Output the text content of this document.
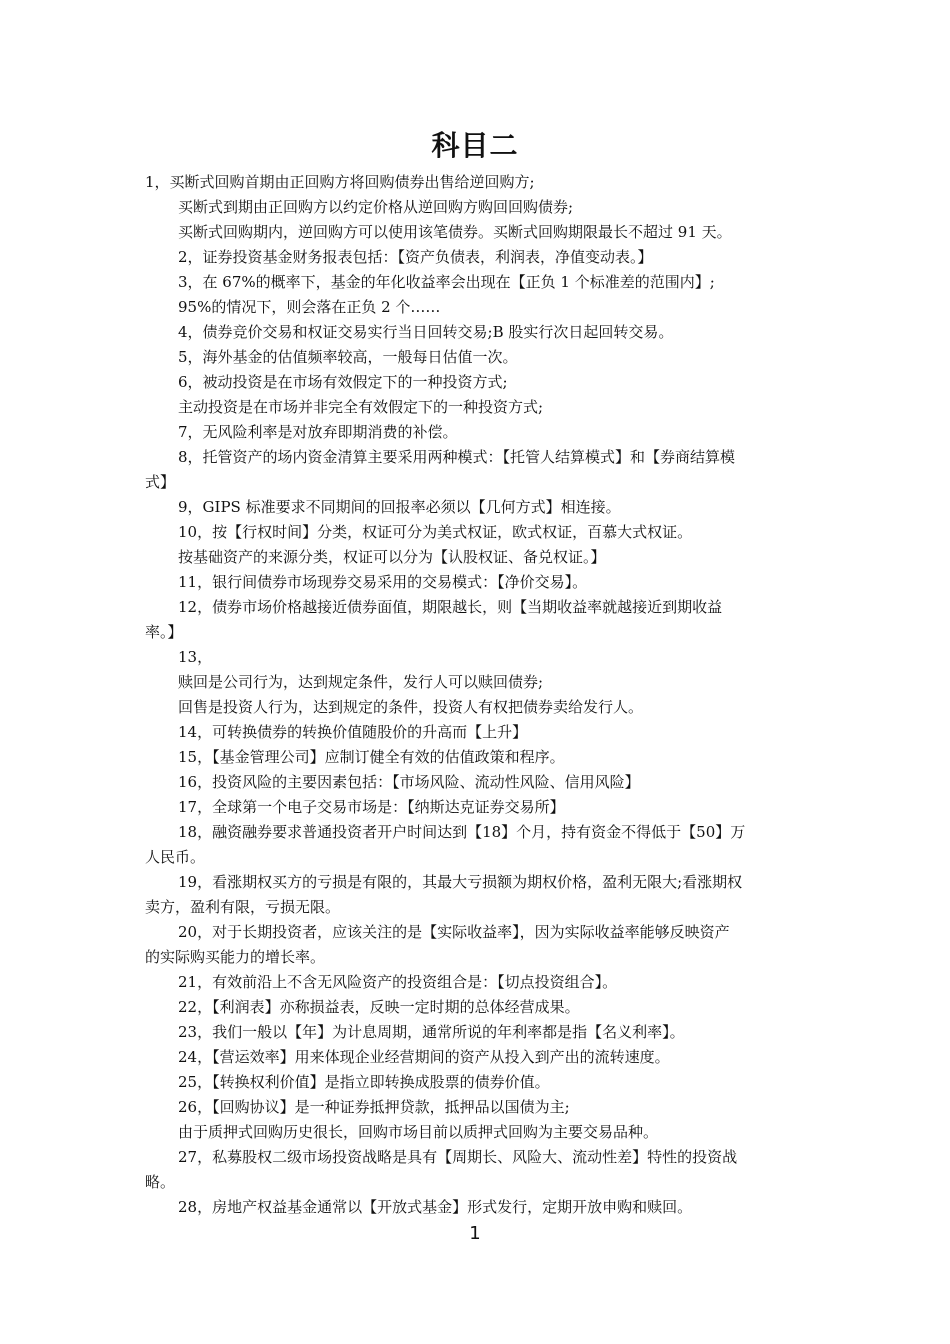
科目二
1，买断式回购首期由正回购方将回购债券出售给逆回购方;
买断式到期由正回购方以约定价格从逆回购方购回回购债券;
买断式回购期内，逆回购方可以使用该笔债券。买断式回购期限最长不超过 91 天。
2，证券投资基金财务报表包括：【资产负债表，利润表，净值变动表。】
3，在 67%的概率下，基金的年化收益率会出现在【正负 1 个标准差的范围内】;
95%的情况下，则会落在正负 2 个……
4，债券竞价交易和权证交易实行当日回转交易;B 股实行次日起回转交易。
5，海外基金的估值频率较高，一般每日估值一次。
6，被动投资是在市场有效假定下的一种投资方式;
主动投资是在市场并非完全有效假定下的一种投资方式;
7，无风险利率是对放弃即期消费的补偿。
8，托管资产的场内资金清算主要采用两种模式：【托管人结算模式】和【券商结算模
式】
9，GIPS 标准要求不同期间的回报率必须以【几何方式】相连接。
10，按【行权时间】分类，权证可分为美式权证，欧式权证，百慕大式权证。
按基础资产的来源分类，权证可以分为【认股权证、备兑权证。】
11，银行间债券市场现券交易采用的交易模式：【净价交易】。
12，债券市场价格越接近债券面值，期限越长，则【当期收益率就越接近到期收益
率。】
13，
赎回是公司行为，达到规定条件，发行人可以赎回债券;
回售是投资人行为，达到规定的条件，投资人有权把债券卖给发行人。
14，可转换债券的转换价值随股价的升高而【上升】
15，【基金管理公司】应制订健全有效的估值政策和程序。
16，投资风险的主要因素包括：【市场风险、流动性风险、信用风险】
17，全球第一个电子交易市场是：【纳斯达克证券交易所】
18，融资融券要求普通投资者开户时间达到【18】个月，持有资金不得低于【50】万
人民币。
19，看涨期权买方的亏损是有限的，其最大亏损额为期权价格，盈利无限大;看涨期权
卖方，盈利有限，亏损无限。
20，对于长期投资者，应该关注的是【实际收益率】，因为实际收益率能够反映资产
的实际购买能力的增长率。
21，有效前沿上不含无风险资产的投资组合是：【切点投资组合】。
22，【利润表】亦称损益表，反映一定时期的总体经营成果。
23，我们一般以【年】为计息周期，通常所说的年利率都是指【名义利率】。
24，【营运效率】用来体现企业经营期间的资产从投入到产出的流转速度。
25，【转换权利价值】是指立即转换成股票的债券价值。
26，【回购协议】是一种证券抵押贷款，抵押品以国债为主;
由于质押式回购历史很长，回购市场目前以质押式回购为主要交易品种。
27，私募股权二级市场投资战略是具有【周期长、风险大、流动性差】特性的投资战
略。
28，房地产权益基金通常以【开放式基金】形式发行，定期开放申购和赎回。
1
